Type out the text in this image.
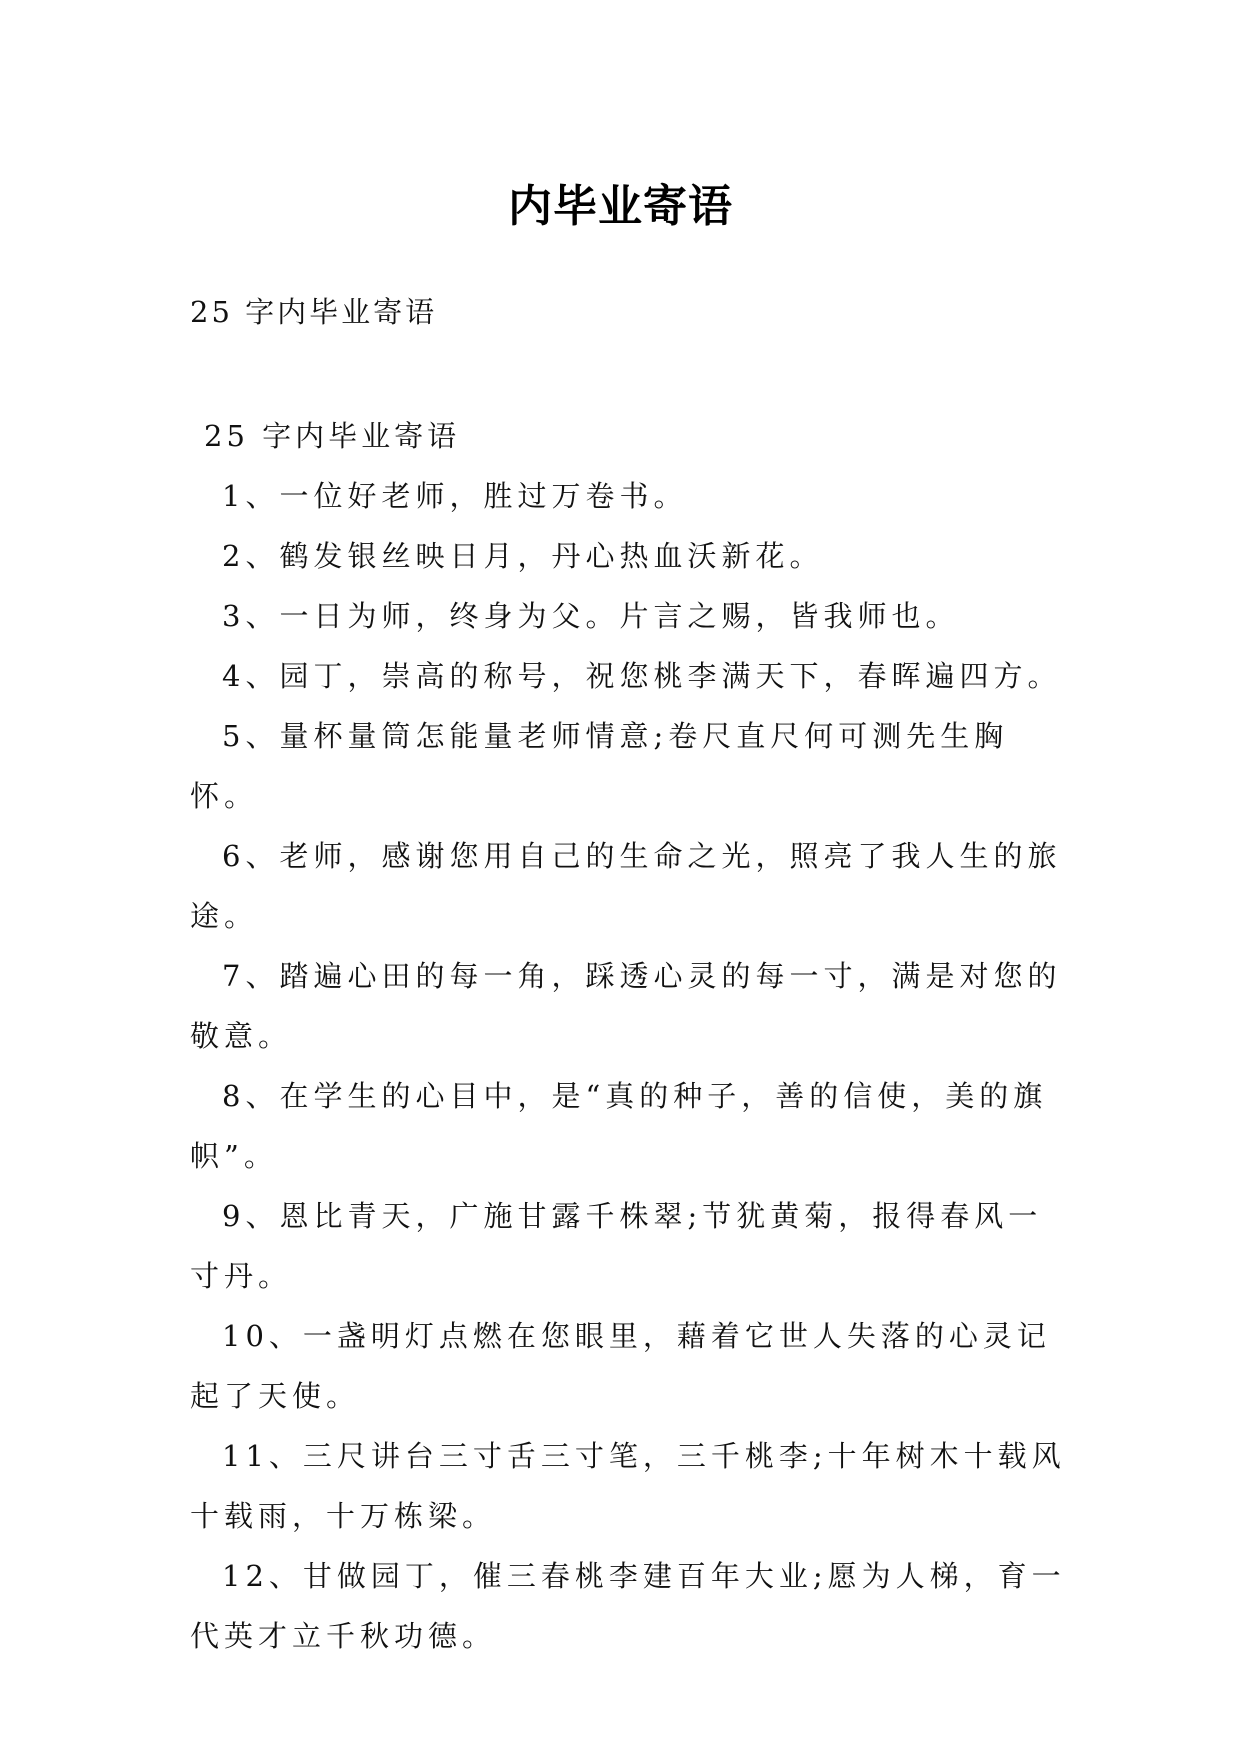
内毕业寄语
25 字内毕业寄语

25 字内毕业寄语

1、一位好老师，胜过万卷书。

2、鹤发银丝映日月，丹心热血沃新花。

3、一日为师，终身为父。片言之赐，皆我师也。

4、园丁，崇高的称号，祝您桃李满天下，春晖遍四方。

5、量杯量筒怎能量老师情意;卷尺直尺何可测先生胸怀。

6、老师，感谢您用自己的生命之光，照亮了我人生的旅途。

7、踏遍心田的每一角，踩透心灵的每一寸，满是对您的敬意。

8、在学生的心目中，是“真的种子，善的信使，美的旗帜”。

9、恩比青天，广施甘露千株翠;节犹黄菊，报得春风一寸丹。

10、一盏明灯点燃在您眼里，藉着它世人失落的心灵记起了天使。

11、三尺讲台三寸舌三寸笔，三千桃李;十年树木十载风十载雨，十万栋梁。

12、甘做园丁，催三春桃李建百年大业;愿为人梯，育一代英才立千秋功德。
